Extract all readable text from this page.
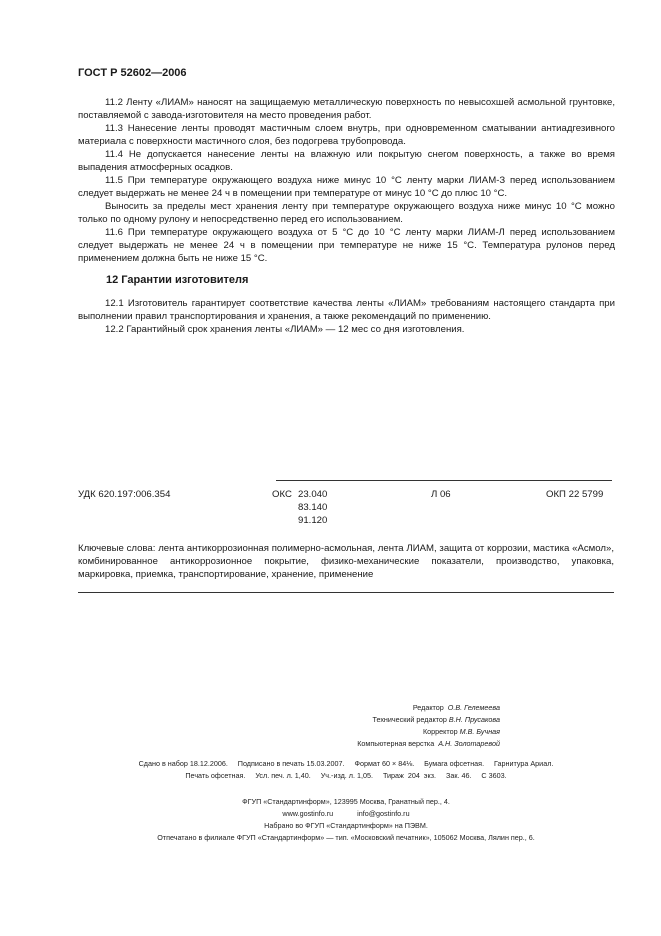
ГОСТ Р 52602—2006

11.2 Ленту «ЛИАМ» наносят на защищаемую металлическую поверхность по невысохшей асмольной грунтовке, поставляемой с завода-изготовителя на место проведения работ.

11.3 Нанесение ленты проводят мастичным слоем внутрь, при одновременном сматывании антиадгезивного материала с поверхности мастичного слоя, без подогрева трубопровода.

11.4 Не допускается нанесение ленты на влажную или покрытую снегом поверхность, а также во время выпадения атмосферных осадков.

11.5 При температуре окружающего воздуха ниже минус 10 °С ленту марки ЛИАМ-З перед использованием следует выдержать не менее 24 ч в помещении при температуре от минус 10 °С до плюс 10 °С.

Выносить за пределы мест хранения ленту при температуре окружающего воздуха ниже минус 10 °С можно только по одному рулону и непосредственно перед его использованием.

11.6 При температуре окружающего воздуха от 5 °С до 10 °С ленту марки ЛИАМ-Л перед использованием следует выдержать не менее 24 ч в помещении при температуре не ниже 15 °С. Температура рулонов перед применением должна быть не ниже 15 °С.

12 Гарантии изготовителя

12.1 Изготовитель гарантирует соответствие качества ленты «ЛИАМ» требованиям настоящего стандарта при выполнении правил транспортирования и хранения, а также рекомендаций по применению.

12.2 Гарантийный срок хранения ленты «ЛИАМ» — 12 мес со дня изготовления.

УДК 620.197:006.354	ОКС 23.040
83.140
91.120
Л 06	ОКП 22 5799
Ключевые слова: лента антикоррозионная полимерно-асмольная, лента ЛИАМ, защита от коррозии, мастика «Асмол», комбинированное антикоррозионное покрытие, физико-механические показатели, производство, упаковка, маркировка, приемка, транспортирование, хранение, применение
Редактор О.В. Гелемеева
Технический редактор В.Н. Прусакова
Корректор М.В. Бучная
Компьютерная верстка А.Н. Золотаревой
Сдано в набор 18.12.2006.     Подписано в печать 15.03.2007.     Формат 60 × 84⅛.     Бумага офсетная.     Гарнитура Ариал.
Печать офсетная.     Усл. печ. л. 1,40.     Уч.-изд. л. 1,05.     Тираж  204  экз.     Зак. 46.     С 3603.
ФГУП «Стандартинформ», 123995 Москва, Гранатный пер., 4.
www.gostinfo.ru	info@gostinfo.ru
Набрано во ФГУП «Стандартинформ» на ПЭВМ.
Отпечатано в филиале ФГУП «Стандартинформ» — тип. «Московский печатник», 105062 Москва, Лялин пер., 6.
